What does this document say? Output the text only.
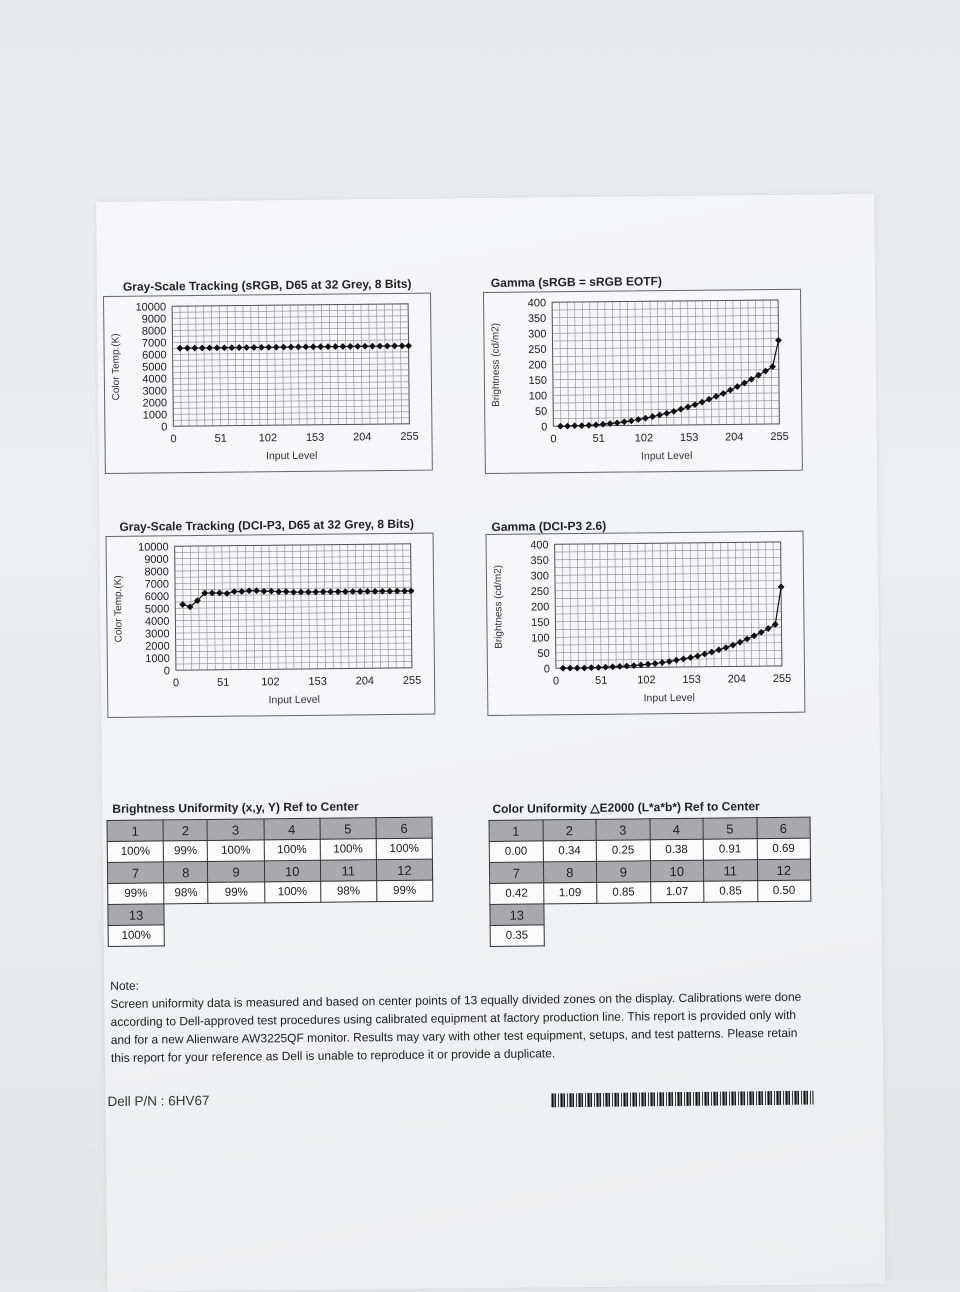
Gray-Scale Tracking (sRGB, D65 at 32 Grey, 8 Bits)
10000
9000
8000
7000
6000
5000
4000
3000
2000
1000
0
0	51	102	153	204	255
Input Level
Color Temp.(K)
Gamma (sRGB = sRGB EOTF)
400
350
300
250
200
150
100
50
0
0	51	102 153 204 255
Input Level
Brightness (cd/m2)
Gray-Scale Tracking (DCI-P3, D65 at 32 Grey, 8 Bits)
10000
9000
8000
7000
6000
5000
4000
3000
2000
1000
0
0	51	102	153	204	255
Input Level
Color Temp.(K)
Gamma (DCI-P3 2.6)
400
350
300
250
200
150
100
50
0
0	51	102 153 204 255
Input Level
Brightness (cd/m2)
Brightness Uniformity (x,y, Y) Ref to Center
1	2	3	4	5	6
100%	99%	100%	100%	100%	100%
7	8	9	10	11	12
99%	98%	99%	100%	98%	99%
13					
100%					
Color Uniformity △E2000 (L*a*b*) Ref to Center
1	2	3	4	5	6
0.00	0.34	0.25	0.38	0.91	0.69
7	8	9	10	11	12
0.42	1.09	0.85	1.07	0.85	0.50
13					
0.35					
Note:
Screen uniformity data is measured and based on center points of 13 equally divided zones on the display. Calibrations were done according to Dell-approved test procedures using calibrated equipment at factory production line. This report is provided only with and for a new Alienware AW3225QF monitor. Results may vary with other test equipment, setups, and test patterns. Please retain this report for your reference as Dell is unable to reproduce it or provide a duplicate.
Dell P/N : 6HV67
